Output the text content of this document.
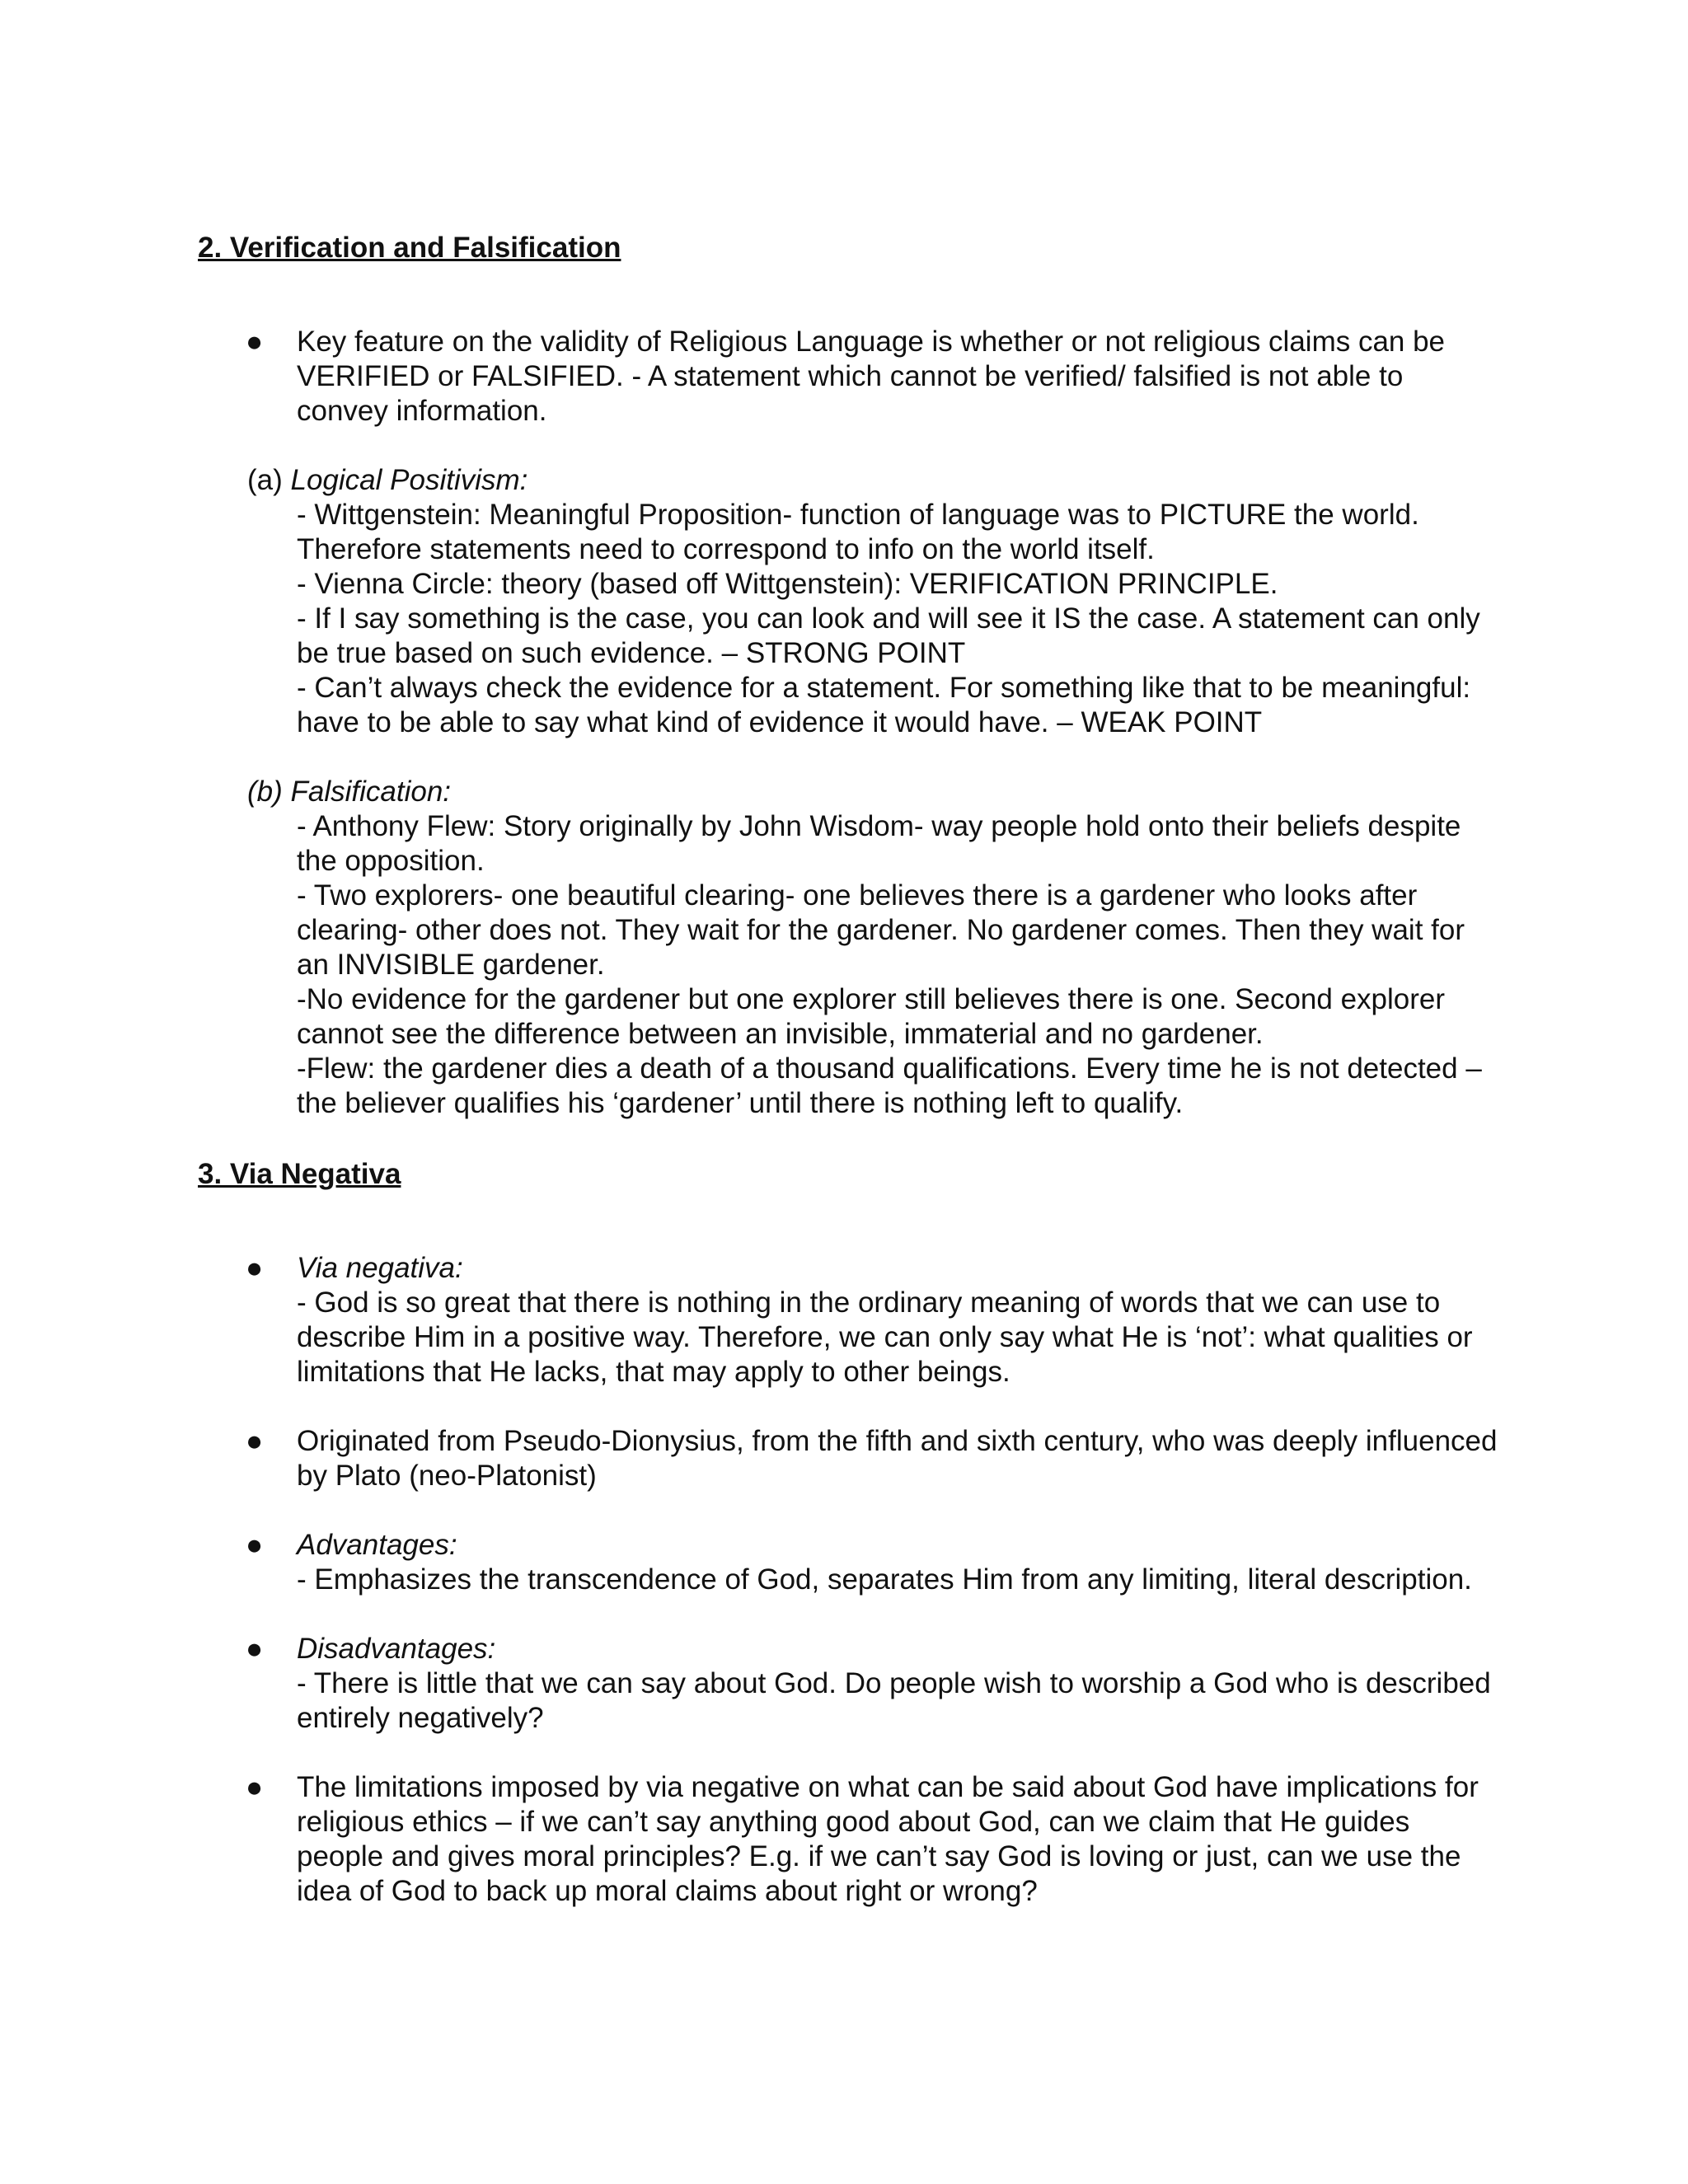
2. Verification and Falsification
● Key feature on the validity of Religious Language is whether or not religious claims can be VERIFIED or FALSIFIED. - A statement which cannot be verified/ falsified is not able to convey information.

(a) Logical Positivism:

- Wittgenstein: Meaningful Proposition- function of language was to PICTURE the world. Therefore statements need to correspond to info on the world itself.

- Vienna Circle: theory (based off Wittgenstein): VERIFICATION PRINCIPLE.

- If I say something is the case, you can look and will see it IS the case. A statement can only be true based on such evidence. – STRONG POINT

- Can’t always check the evidence for a statement. For something like that to be meaningful: have to be able to say what kind of evidence it would have. – WEAK POINT

(b) Falsification:

- Anthony Flew: Story originally by John Wisdom- way people hold onto their beliefs despite the opposition.

- Two explorers- one beautiful clearing- one believes there is a gardener who looks after clearing- other does not. They wait for the gardener. No gardener comes. Then they wait for an INVISIBLE gardener.

-No evidence for the gardener but one explorer still believes there is one. Second explorer cannot see the difference between an invisible, immaterial and no gardener.

-Flew: the gardener dies a death of a thousand qualifications. Every time he is not detected – the believer qualifies his ‘gardener’ until there is nothing left to qualify.

3. Via Negativa
● Via negativa:

- God is so great that there is nothing in the ordinary meaning of words that we can use to describe Him in a positive way. Therefore, we can only say what He is ‘not’: what qualities or limitations that He lacks, that may apply to other beings.

● Originated from Pseudo-Dionysius, from the fifth and sixth century, who was deeply influenced by Plato (neo-Platonist)

● Advantages:

- Emphasizes the transcendence of God, separates Him from any limiting, literal description.

● Disadvantages:

- There is little that we can say about God. Do people wish to worship a God who is described entirely negatively?

● The limitations imposed by via negative on what can be said about God have implications for religious ethics – if we can’t say anything good about God, can we claim that He guides people and gives moral principles? E.g. if we can’t say God is loving or just, can we use the idea of God to back up moral claims about right or wrong?
